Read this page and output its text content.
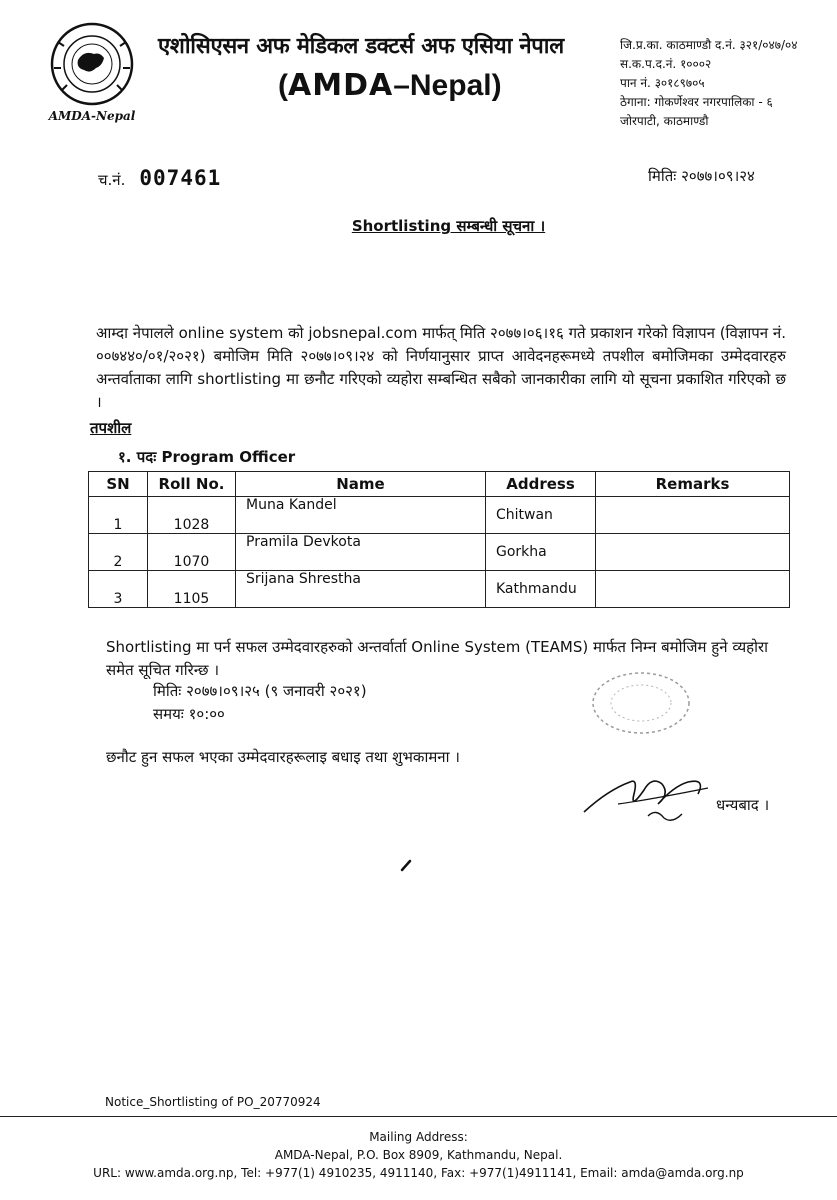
AMDA-Nepal
एशोसिएसन अफ मेडिकल डक्टर्स अफ एसिया नेपाल
(AMDA–Nepal)
जि.प्र.का. काठमाण्डौ द.नं. ३२१/०४७/०४
स.क.प.द.नं. १०००२
पान नं. ३०१८९७०५
ठेगाना: गोकर्णेश्वर नगरपालिका - ६
जोरपाटी, काठमाण्डौ
च.नं. 007461	मितिः २०७७।०९।२४
Shortlisting सम्बन्धी सूचना ।
आम्दा नेपालले online system को jobsnepal.com मार्फत् मिति २०७७।०६।१६ गते प्रकाशन गरेको विज्ञापन (विज्ञापन नं. ००७४४०/०१/२०२१) बमोजिम मिति २०७७।०९।२४ को निर्णयानुसार प्राप्त आवेदनहरूमध्ये तपशील बमोजिमका उम्मेदवारहरु अन्तर्वाताका लागि shortlisting मा छनौट गरिएको व्यहोरा सम्बन्धित सबैको जानकारीका लागि यो सूचना प्रकाशित गरिएको छ ।
तपशील
१. पदः Program Officer
SN	Roll No.	Name	Address	Remarks
1	1028	Muna Kandel	Chitwan	
2	1070	Pramila Devkota	Gorkha	
3	1105	Srijana Shrestha	Kathmandu	
Shortlisting मा पर्न सफल उम्मेदवारहरुको अन्तर्वार्ता Online System (TEAMS) मार्फत निम्न बमोजिम हुने व्यहोरा समेत सूचित गरिन्छ ।
मितिः २०७७।०९।२५ (९ जनावरी २०२१)
समयः १०:००
छनौट हुन सफल भएका उम्मेदवारहरूलाइ बधाइ तथा शुभकामना ।
धन्यबाद ।
Notice_Shortlisting of PO_20770924
Mailing Address:
AMDA-Nepal, P.O. Box 8909, Kathmandu, Nepal.
URL: www.amda.org.np, Tel: +977(1) 4910235, 4911140, Fax: +977(1)4911141, Email: amda@amda.org.np
